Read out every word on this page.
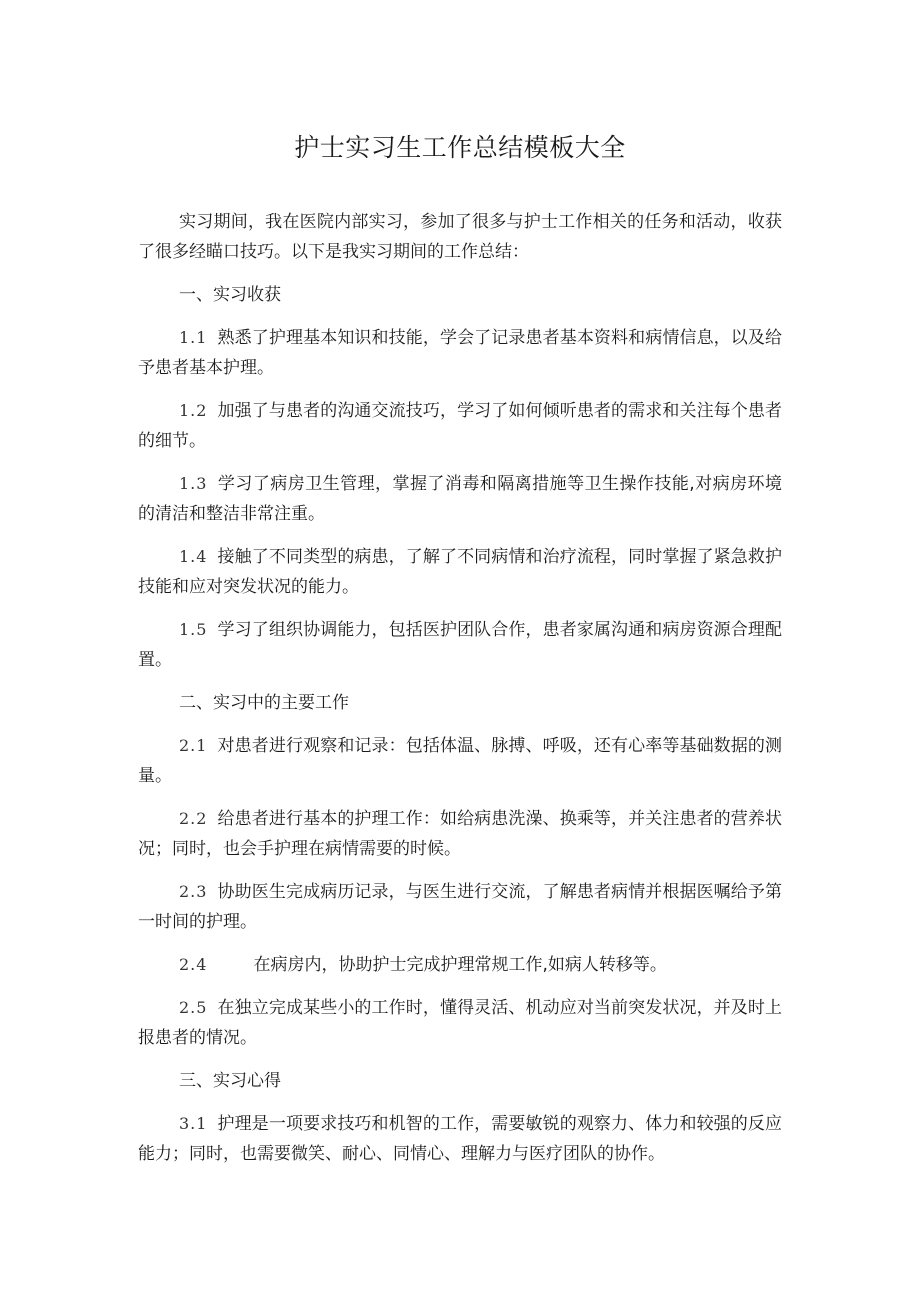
护士实习生工作总结模板大全

实习期间，我在医院内部实习，参加了很多与护士工作相关的任务和活动，收获了很多经瞄口技巧。以下是我实习期间的工作总结：

一、实习收获

1.1 熟悉了护理基本知识和技能，学会了记录患者基本资料和病情信息，以及给予患者基本护理。

1.2 加强了与患者的沟通交流技巧，学习了如何倾听患者的需求和关注每个患者的细节。

1.3 学习了病房卫生管理，掌握了消毒和隔离措施等卫生操作技能,对病房环境的清洁和整洁非常注重。

1.4 接触了不同类型的病患，了解了不同病情和治疗流程，同时掌握了紧急救护技能和应对突发状况的能力。

1.5 学习了组织协调能力，包括医护团队合作，患者家属沟通和病房资源合理配置。

二、实习中的主要工作

2.1 对患者进行观察和记录：包括体温、脉搏、呼吸，还有心率等基础数据的测量。

2.2 给患者进行基本的护理工作：如给病患洗澡、换乘等，并关注患者的营养状况；同时，也会手护理在病情需要的时候。

2.3 协助医生完成病历记录，与医生进行交流，了解患者病情并根据医嘱给予第一时间的护理。

2.4	在病房内，协助护士完成护理常规工作,如病人转移等。

2.5 在独立完成某些小的工作时，懂得灵活、机动应对当前突发状况，并及时上报患者的情况。

三、实习心得

3.1 护理是一项要求技巧和机智的工作，需要敏锐的观察力、体力和较强的反应能力；同时，也需要微笑、耐心、同情心、理解力与医疗团队的协作。
